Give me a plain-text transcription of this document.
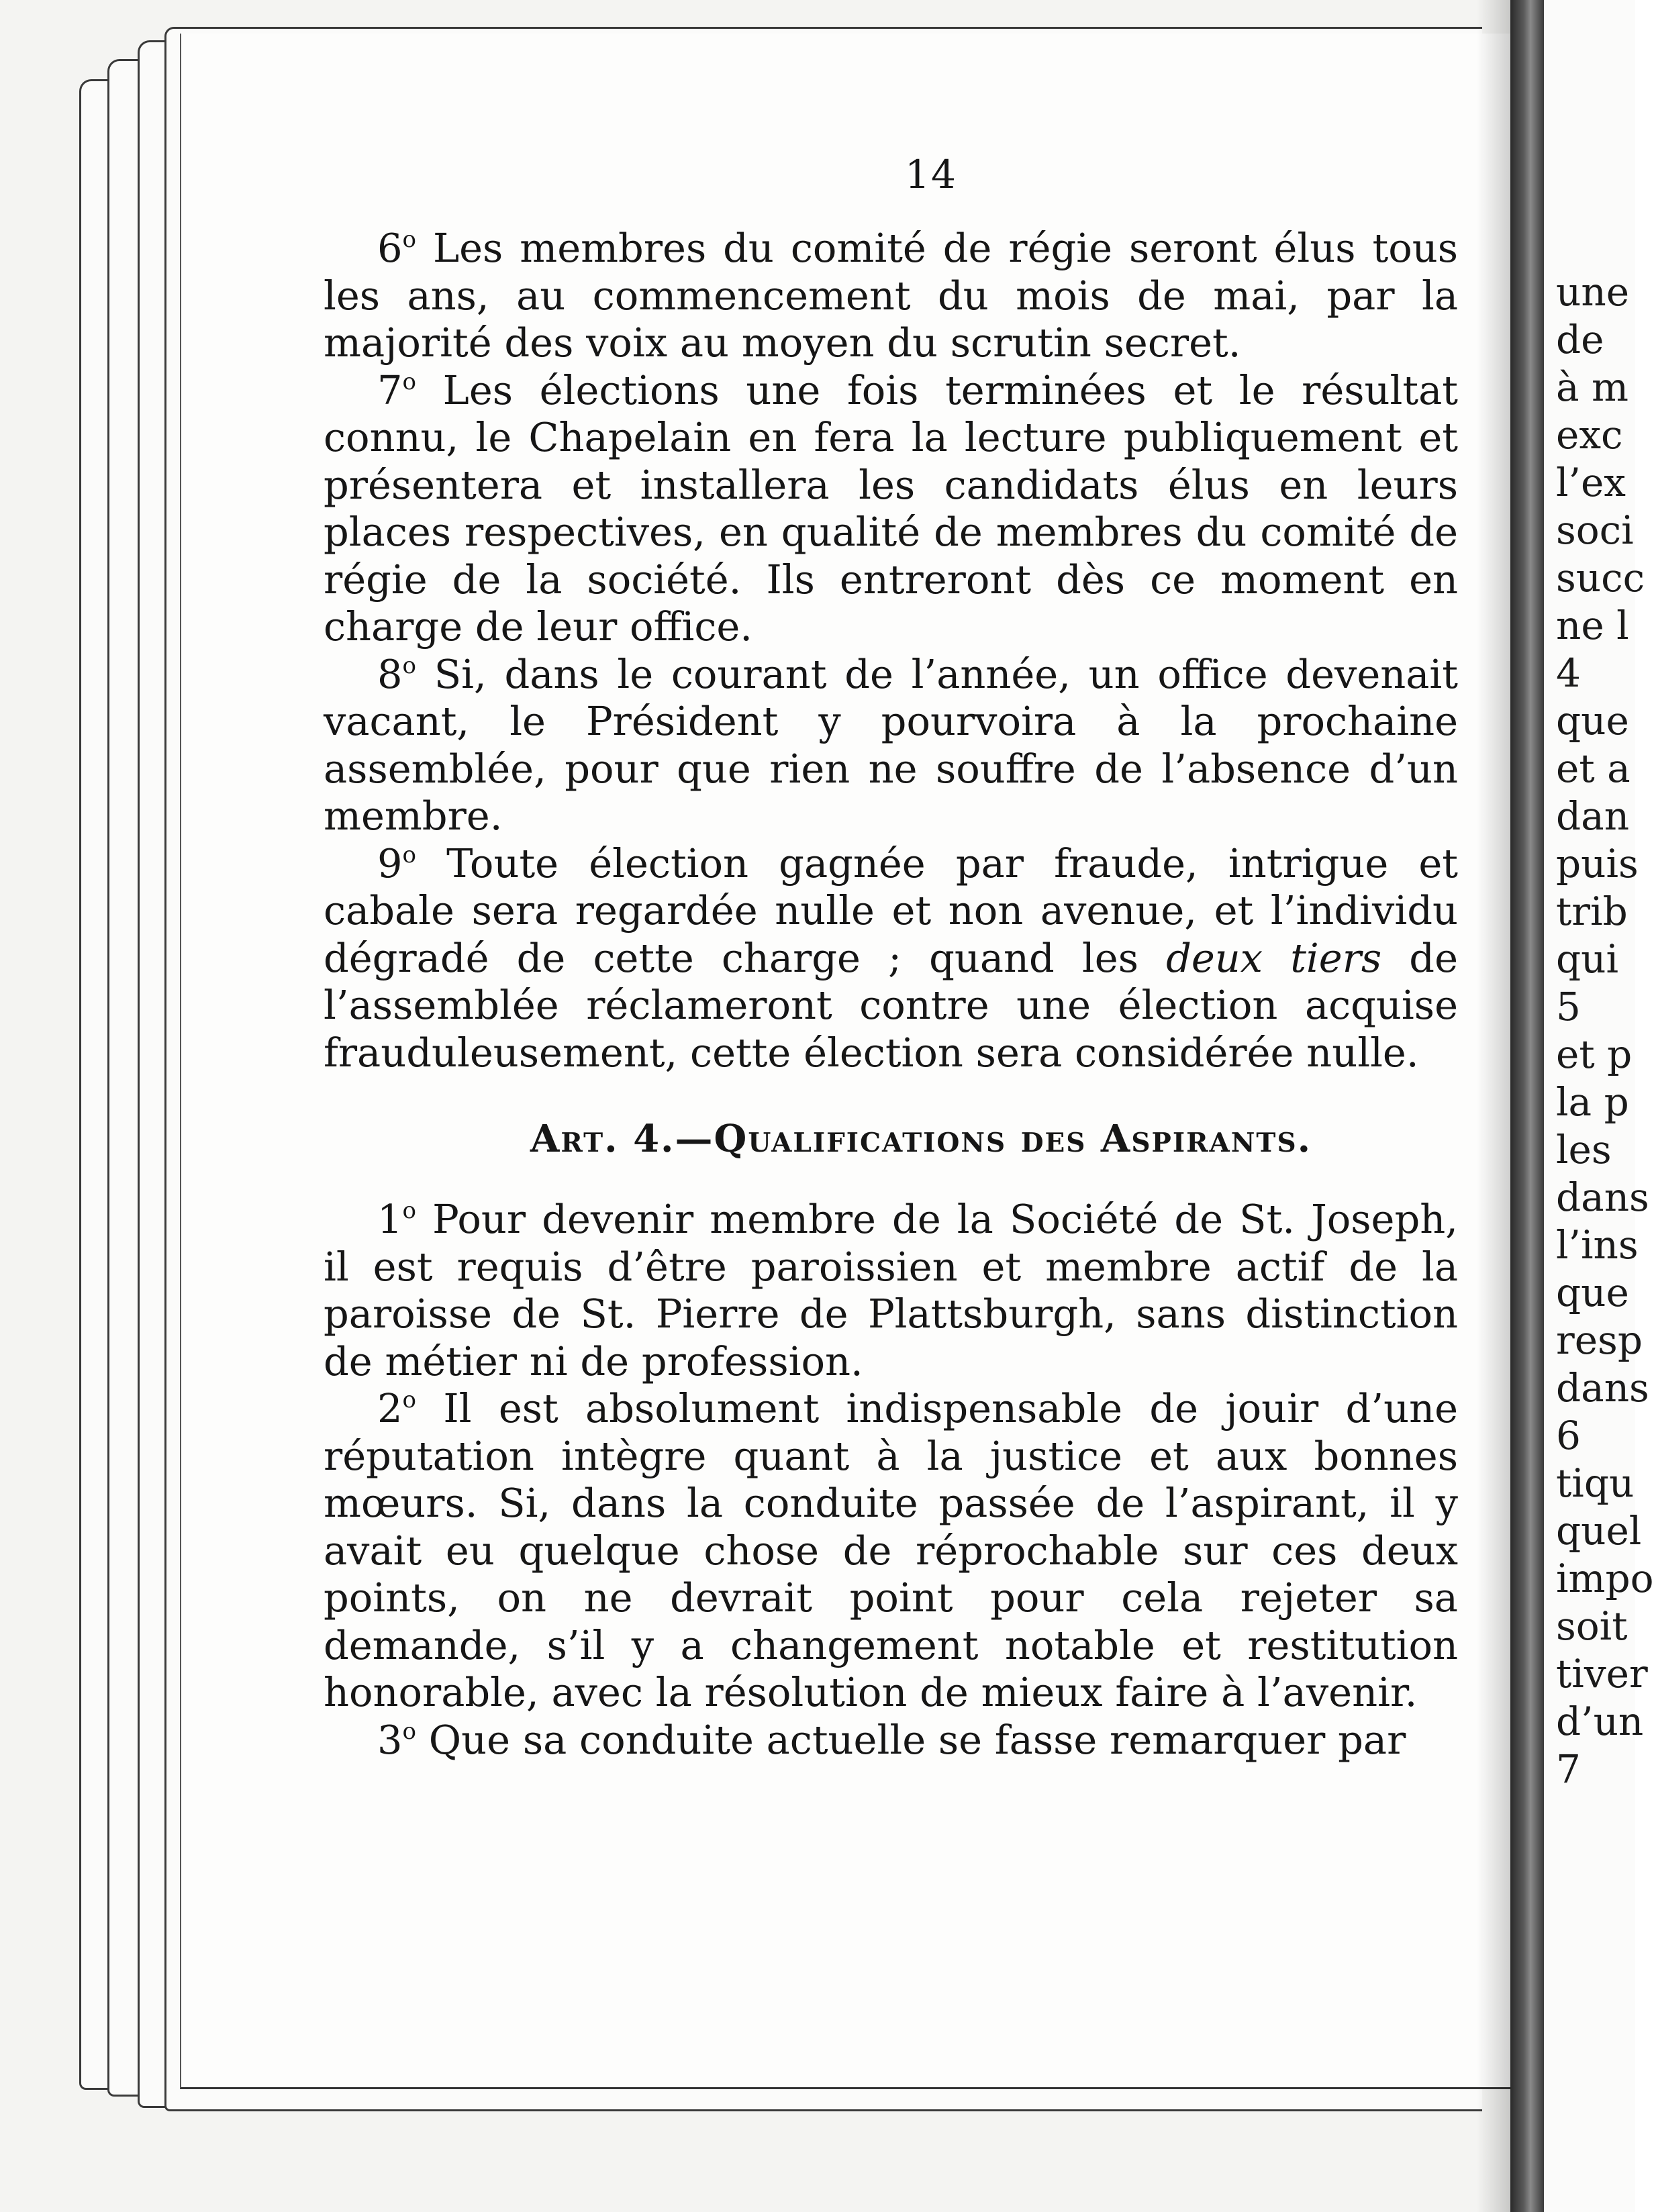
une
de
à m
exc
l’ex
soci
succ
ne l
4
que
et a
dan
puis
trib
qui
5
et p
la p
les
dans
l’ins
que
resp
dans
6
tiqu
quel
impo
soit
tiver
d’un
7
14

6$^o$ Les membres du comité de régie seront élus tous les ans, au commencement du mois de mai, par la majorité des voix au moyen du scrutin secret.

7$^o$ Les élections une fois terminées et le résultat connu, le Chapelain en fera la lecture publiquement et présentera et installera les candidats élus en leurs places respectives, en qualité de membres du comité de régie de la société. Ils entreront dès ce moment en charge de leur office.

8$^o$ Si, dans le courant de l’année, un office devenait vacant, le Président y pourvoira à la prochaine assemblée, pour que rien ne souffre de l’absence d’un membre.

9$^o$ Toute élection gagnée par fraude, intrigue et cabale sera regardée nulle et non avenue, et l’individu dégradé de cette charge ; quand les deux tiers de l’assemblée réclameront contre une élection acquise frauduleusement, cette élection sera considérée nulle.

Art. 4.—Qualifications des Aspirants.

1$^o$ Pour devenir membre de la Société de St. Joseph, il est requis d’être paroissien et membre actif de la paroisse de St. Pierre de Plattsburgh, sans distinction de métier ni de profession.

2$^o$ Il est absolument indispensable de jouir d’une réputation intègre quant à la justice et aux bonnes mœurs. Si, dans la conduite passée de l’aspirant, il y avait eu quelque chose de réprochable sur ces deux points, on ne devrait point pour cela rejeter sa demande, s’il y a changement notable et restitution honorable, avec la résolution de mieux faire à l’avenir.

3$^o$ Que sa conduite actuelle se fasse remarquer par
